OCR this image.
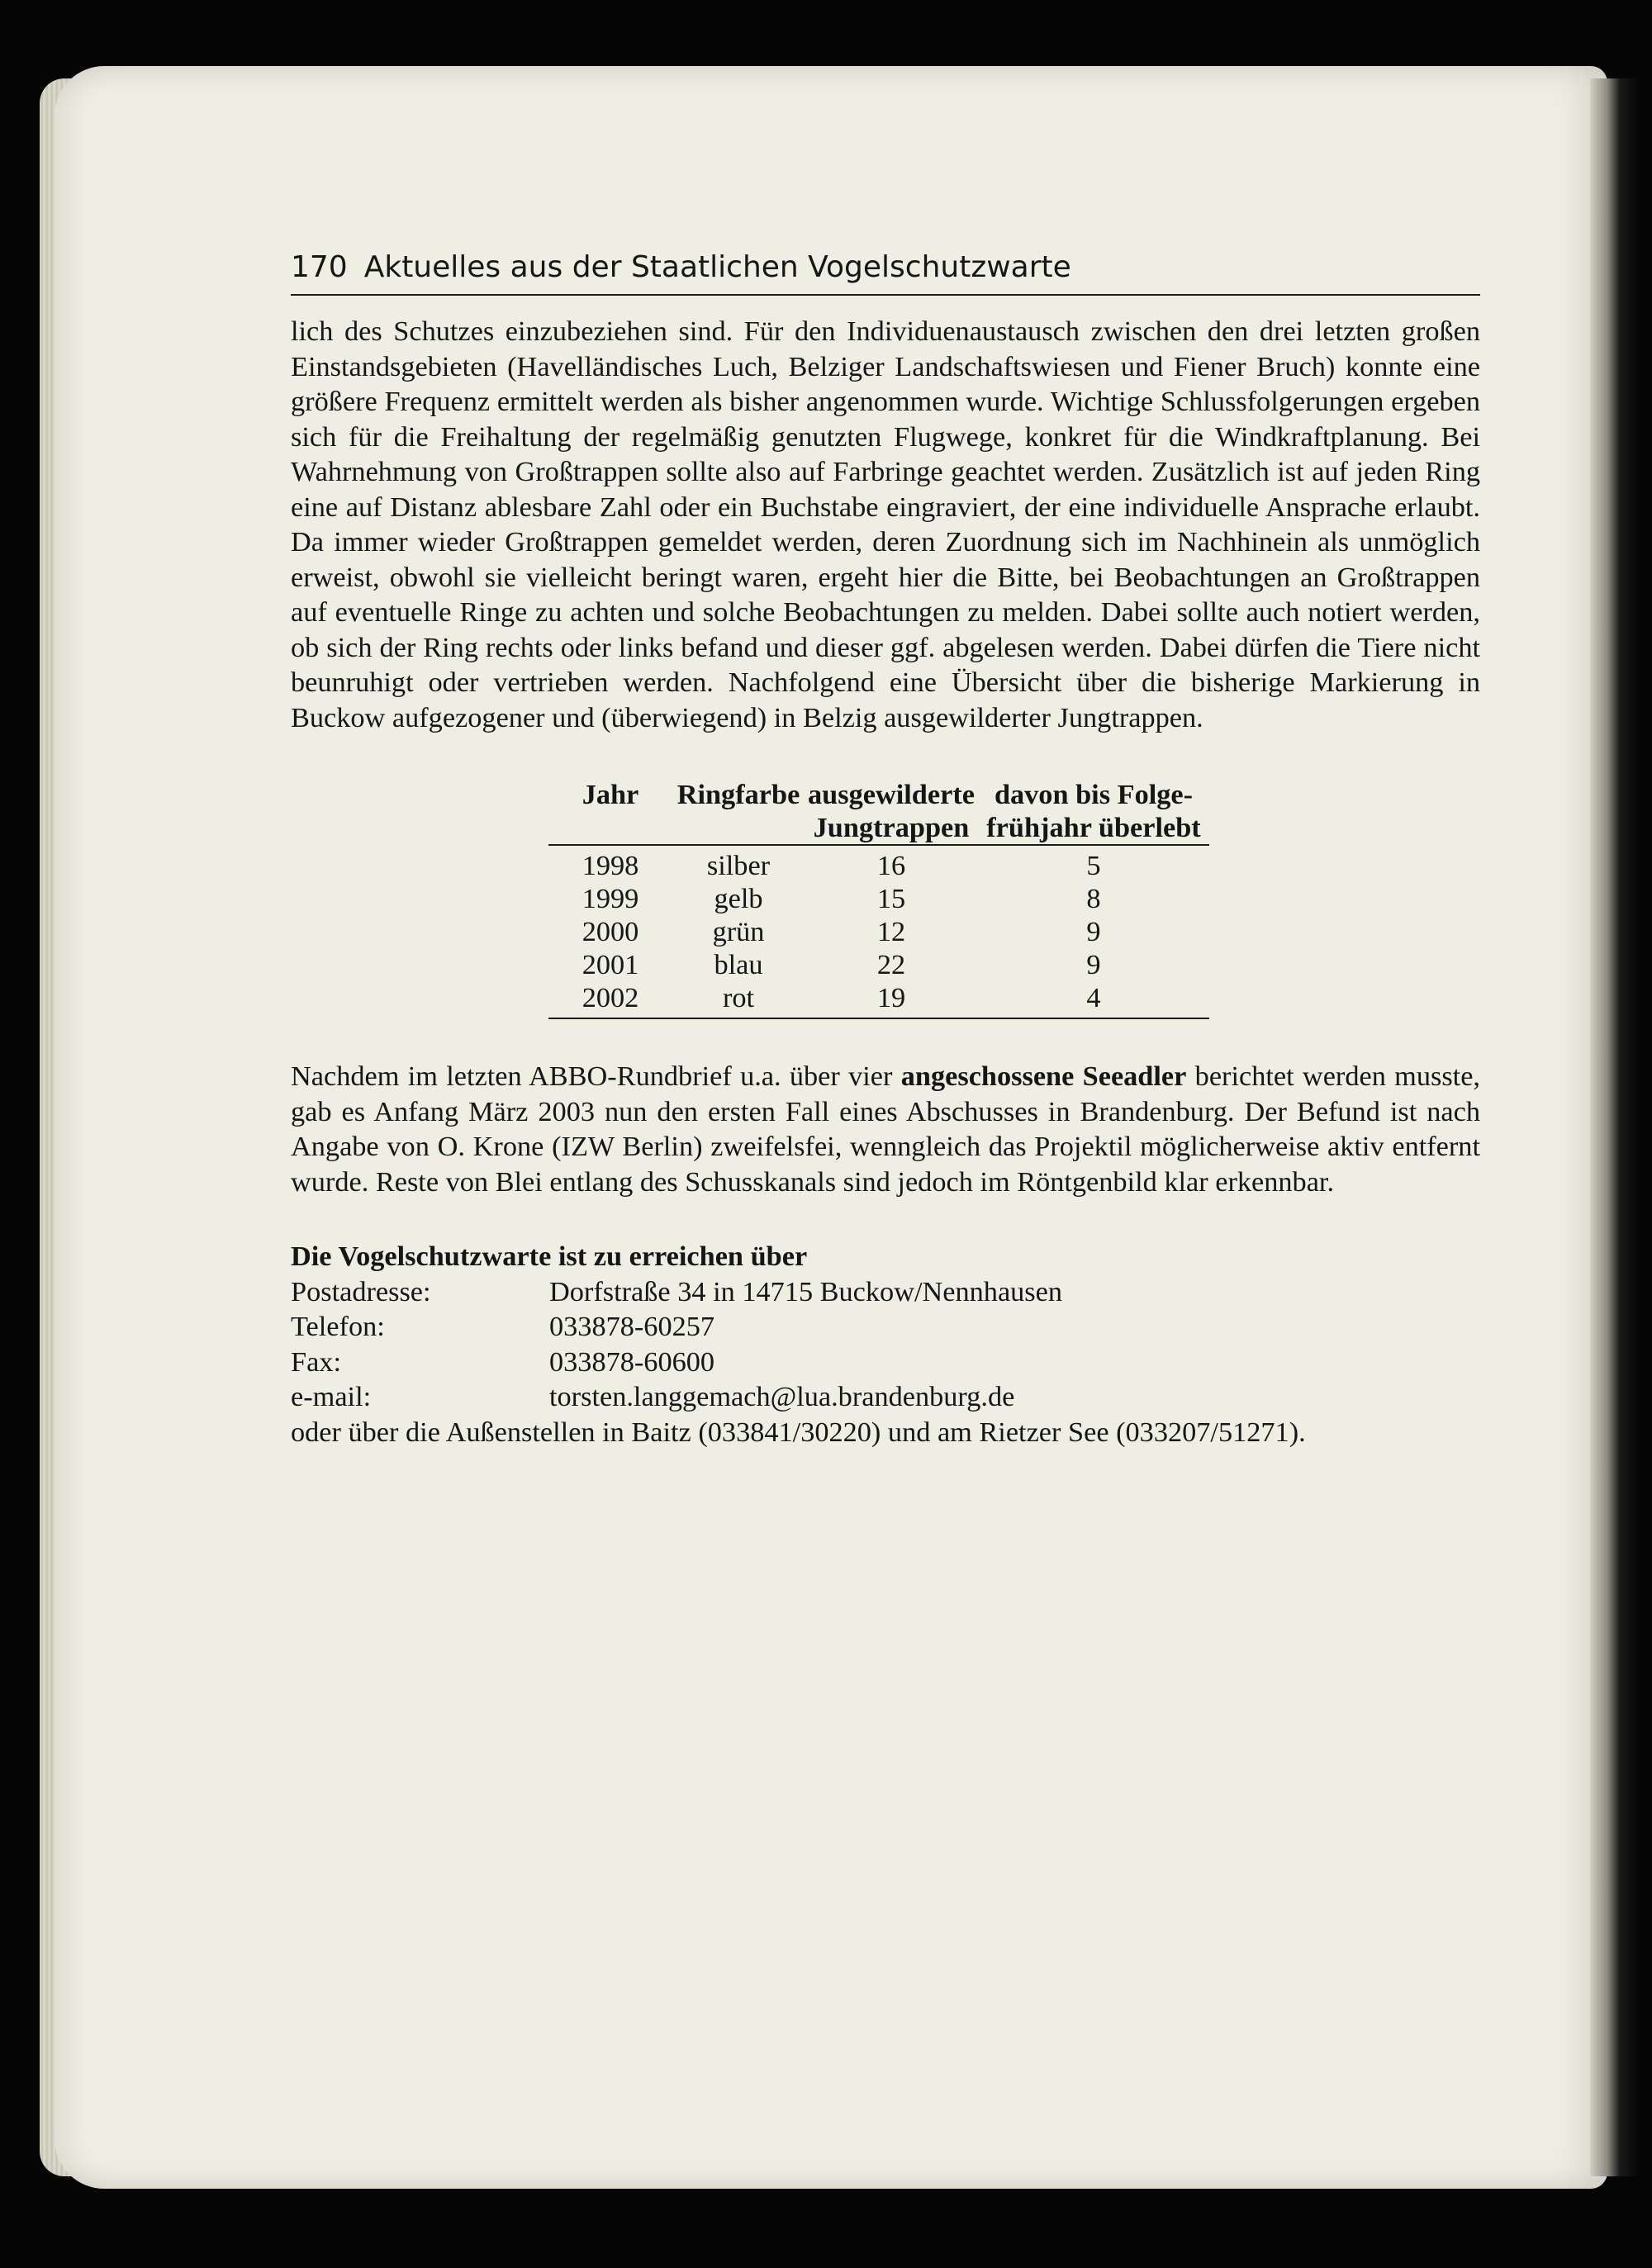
170 Aktuelles aus der Staatlichen Vogelschutzwarte

lich des Schutzes einzubeziehen sind. Für den Individuenaustausch zwischen den drei letzten großen Einstandsgebieten (Havelländisches Luch, Belziger Landschaftswiesen und Fiener Bruch) konnte eine größere Frequenz ermittelt werden als bisher angenommen wurde. Wichtige Schlussfolgerungen ergeben sich für die Freihaltung der regelmäßig genutzten Flugwege, konkret für die Windkraftplanung. Bei Wahrnehmung von Großtrappen sollte also auf Farbringe geachtet werden. Zusätzlich ist auf jeden Ring eine auf Distanz ablesbare Zahl oder ein Buchstabe eingraviert, der eine individuelle Ansprache erlaubt. Da immer wieder Großtrappen gemeldet werden, deren Zuordnung sich im Nachhinein als unmöglich erweist, obwohl sie vielleicht beringt waren, ergeht hier die Bitte, bei Beobachtungen an Großtrappen auf eventuelle Ringe zu achten und solche Beobachtungen zu melden. Dabei sollte auch notiert werden, ob sich der Ring rechts oder links befand und dieser ggf. abgelesen werden. Dabei dürfen die Tiere nicht beunruhigt oder vertrieben werden. Nachfolgend eine Übersicht über die bisherige Markierung in Buckow aufgezogener und (überwiegend) in Belzig ausgewilderter Jungtrappen.

Jahr	Ringfarbe	ausgewilderte	davon bis Folge-
		Jungtrappen	frühjahr überlebt
1998	silber	16	5
1999	gelb	15	8
2000	grün	12	9
2001	blau	22	9
2002	rot	19	4

Nachdem im letzten ABBO-Rundbrief u.a. über vier angeschossene Seeadler berichtet werden musste, gab es Anfang März 2003 nun den ersten Fall eines Abschusses in Brandenburg. Der Befund ist nach Angabe von O. Krone (IZW Berlin) zweifelsfei, wenngleich das Projektil möglicherweise aktiv entfernt wurde. Reste von Blei entlang des Schusskanals sind jedoch im Röntgenbild klar erkennbar.

Die Vogelschutzwarte ist zu erreichen über
Postadresse:	Dorfstraße 34 in 14715 Buckow/Nennhausen
Telefon:	033878-60257
Fax:	033878-60600
e-mail:	torsten.langgemach@lua.brandenburg.de
oder über die Außenstellen in Baitz (033841/30220) und am Rietzer See (033207/51271).
